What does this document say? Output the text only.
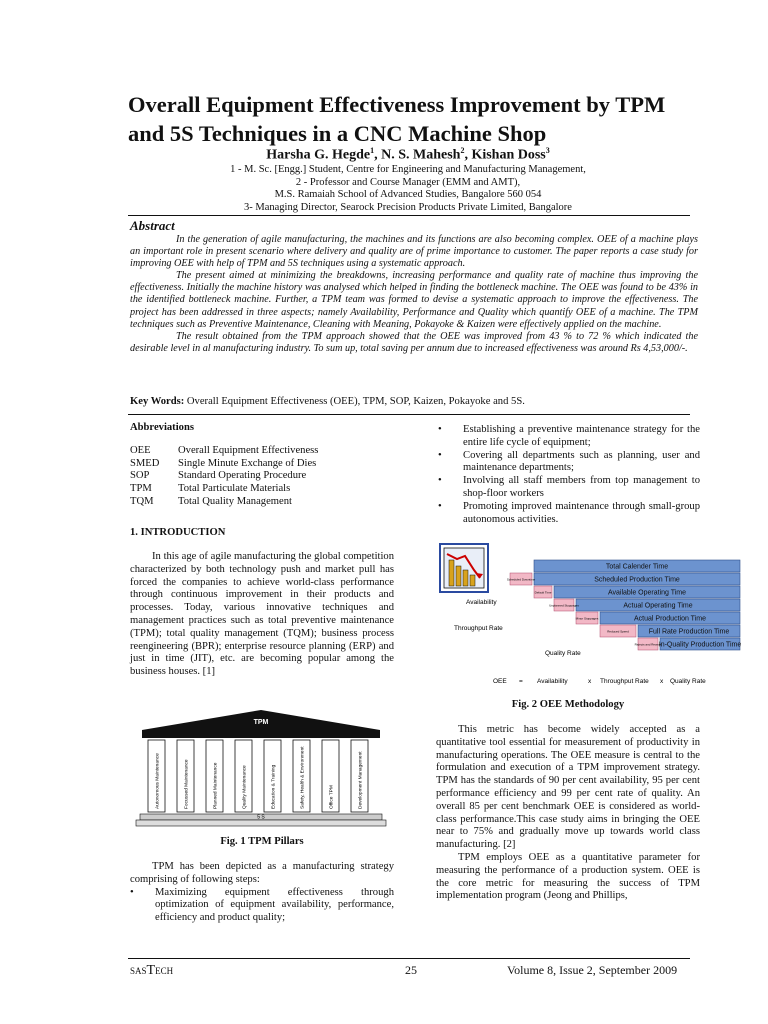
Overall Equipment Effectiveness Improvement by TPM and 5S Techniques in a CNC Machine Shop
Harsha G. Hegde$^1$, N. S. Mahesh$^2$, Kishan Doss$^3$
1 - M. Sc. [Engg.] Student, Centre for Engineering and Manufacturing Management,
2 - Professor and Course Manager (EMM and AMT),
M.S. Ramaiah School of Advanced Studies, Bangalore 560 054
3- Managing Director, Searock Precision Products Private Limited, Bangalore
Abstract

In the generation of agile manufacturing, the machines and its functions are also becoming complex. OEE of a machine plays an important role in present scenario where delivery and quality are of prime importance to customer. The paper reports a case study for improving OEE with help of TPM and 5S techniques using a systematic approach.

The present aimed at minimizing the breakdowns, increasing performance and quality rate of machine thus improving the effectiveness. Initially the machine history was analysed which helped in finding the bottleneck machine. The OEE was found to be 43% in the identified bottleneck machine. Further, a TPM team was formed to devise a systematic approach to improve the effectiveness. The project has been addressed in three aspects; namely Availability, Performance and Quality which quantify OEE of a machine. The TPM techniques such as Preventive Maintenance, Cleaning with Meaning, Pokayoke & Kaizen were effectively applied on the machine.

The result obtained from the TPM approach showed that the OEE was improved from 43 % to 72 % which indicated the desirable level in al manufacturing industry. To sum up, total saving per annum due to increased effectiveness was around Rs 4,53,000/-.

Key Words: Overall Equipment Effectiveness (OEE), TPM, SOP, Kaizen, Pokayoke and 5S.
Abbreviations
OEE	Overall Equipment Effectiveness
SMED	Single Minute Exchange of Dies
SOP	Standard Operating Procedure
TPM	Total Particulate Materials
TQM	Total Quality Management
1. INTRODUCTION

In this age of agile manufacturing the global competition characterized by both technology push and market pull has forced the companies to achieve world-class performance through continuous improvement in their products and processes. Today, various innovative techniques and management practices such as total preventive maintenance (TPM); total quality management (TQM); business process reengineering (BPR); enterprise resource planning (ERP) and just in time (JIT), etc. are becoming popular among the business houses. [1]

TPM
Autonomous Maintenance	Focussed Maintenance	Planned Maintenance	Quality Maintenance	Education & Training	Safety, Health & Environment	Office TPM	Development Management
5 S
Fig. 1 TPM Pillars

TPM has been depicted as a manufacturing strategy comprising of following steps:

• Maximizing equipment effectiveness through optimization of equipment availability, performance, efficiency and product quality;
• Establishing a preventive maintenance strategy for the entire life cycle of equipment;
• Covering all departments such as planning, user and maintenance departments;
• Involving all staff members from top management to shop-floor workers
• Promoting improved maintenance through small-group autonomous activities.
Total Calender Time
Scheduled Production Time
Available Operating Time
Actual Operating Time
Actual Production Time
Full Rate Production Time
In-Quality Production Time
Scheduled Downtime
Default Time
Unplanned Stoppages
Minor Stoppages
Reduced Speed
Rejects and Rework
Availability
Throughput Rate
Quality Rate
OEE = Availability	x Throughput Rate x Quality Rate
Fig. 2 OEE Methodology

This metric has become widely accepted as a quantitative tool essential for measurement of productivity in manufacturing operations. The OEE measure is central to the formulation and execution of a TPM improvement strategy. TPM has the standards of 90 per cent availability, 95 per cent performance efficiency and 99 per cent rate of quality. An overall 85 per cent benchmark OEE is considered as world-class performance.This case study aims in bringing the OEE near to 75% and gradually move up towards world class manufacturing. [2]

TPM employs OEE as a quantitative parameter for measuring the performance of a production system. OEE is the core metric for measuring the success of TPM implementation program (Jeong and Phillips,

SASTECH	25	Volume 8, Issue 2, September 2009
